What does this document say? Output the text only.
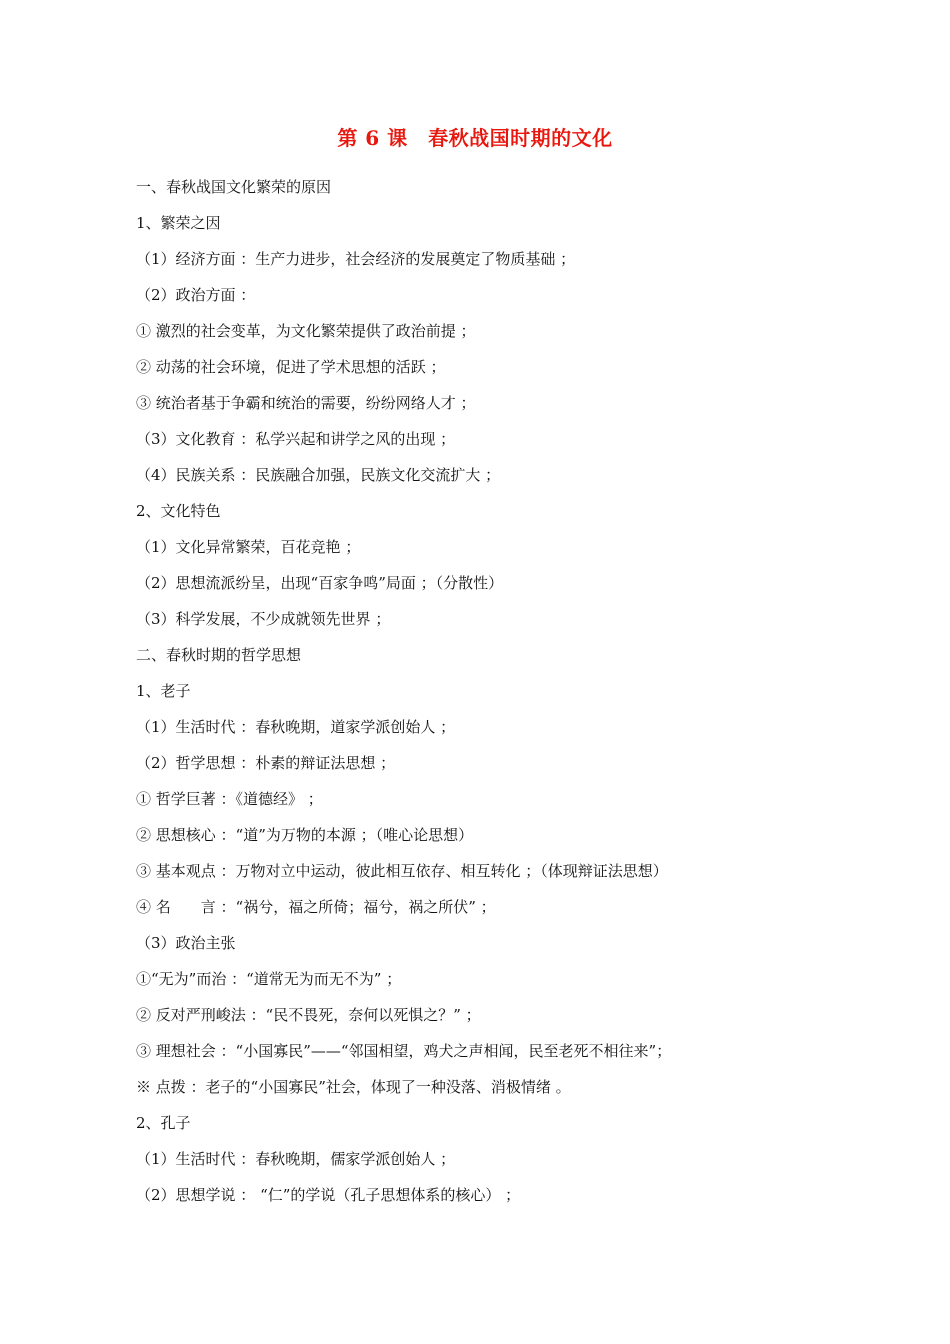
第 6 课　春秋战国时期的文化
一、春秋战国文化繁荣的原因
1、繁荣之因
（1）经济方面 ：生产力进步，社会经济的发展奠定了物质基础 ；
（2）政治方面 ：
① 激烈的社会变革，为文化繁荣提供了政治前提 ；
② 动荡的社会环境，促进了学术思想的活跃 ；
③ 统治者基于争霸和统治的需要，纷纷网络人才 ；
（3）文化教育 ：私学兴起和讲学之风的出现 ；
（4）民族关系 ：民族融合加强，民族文化交流扩大 ；
2、文化特色
（1）文化异常繁荣，百花竞艳 ；
（2）思想流派纷呈，出现“百家争鸣”局面 ；（分散性）
（3）科学发展，不少成就领先世界 ；
二、春秋时期的哲学思想
1、老子
（1）生活时代 ：春秋晚期，道家学派创始人 ；
（2）哲学思想 ：朴素的辩证法思想 ；
① 哲学巨著 ：《道德经》 ；
② 思想核心 ：“道”为万物的本源 ；（唯心论思想）
③ 基本观点 ：万物对立中运动，彼此相互依存、相互转化 ；（体现辩证法思想）
④ 名　　言 ：“祸兮，福之所倚；福兮，祸之所伏” ；
（3）政治主张
①“无为”而治 ：“道常无为而无不为” ；
② 反对严刑峻法 ：“民不畏死，奈何以死惧之？” ；
③ 理想社会 ：“小国寡民”——“邻国相望，鸡犬之声相闻，民至老死不相往来”；
※ 点拨 ：老子的“小国寡民”社会，体现了一种没落、消极情绪 。
2、孔子
（1）生活时代 ：春秋晚期，儒家学派创始人 ；
（2）思想学说 ： “仁”的学说（孔子思想体系的核心） ；
